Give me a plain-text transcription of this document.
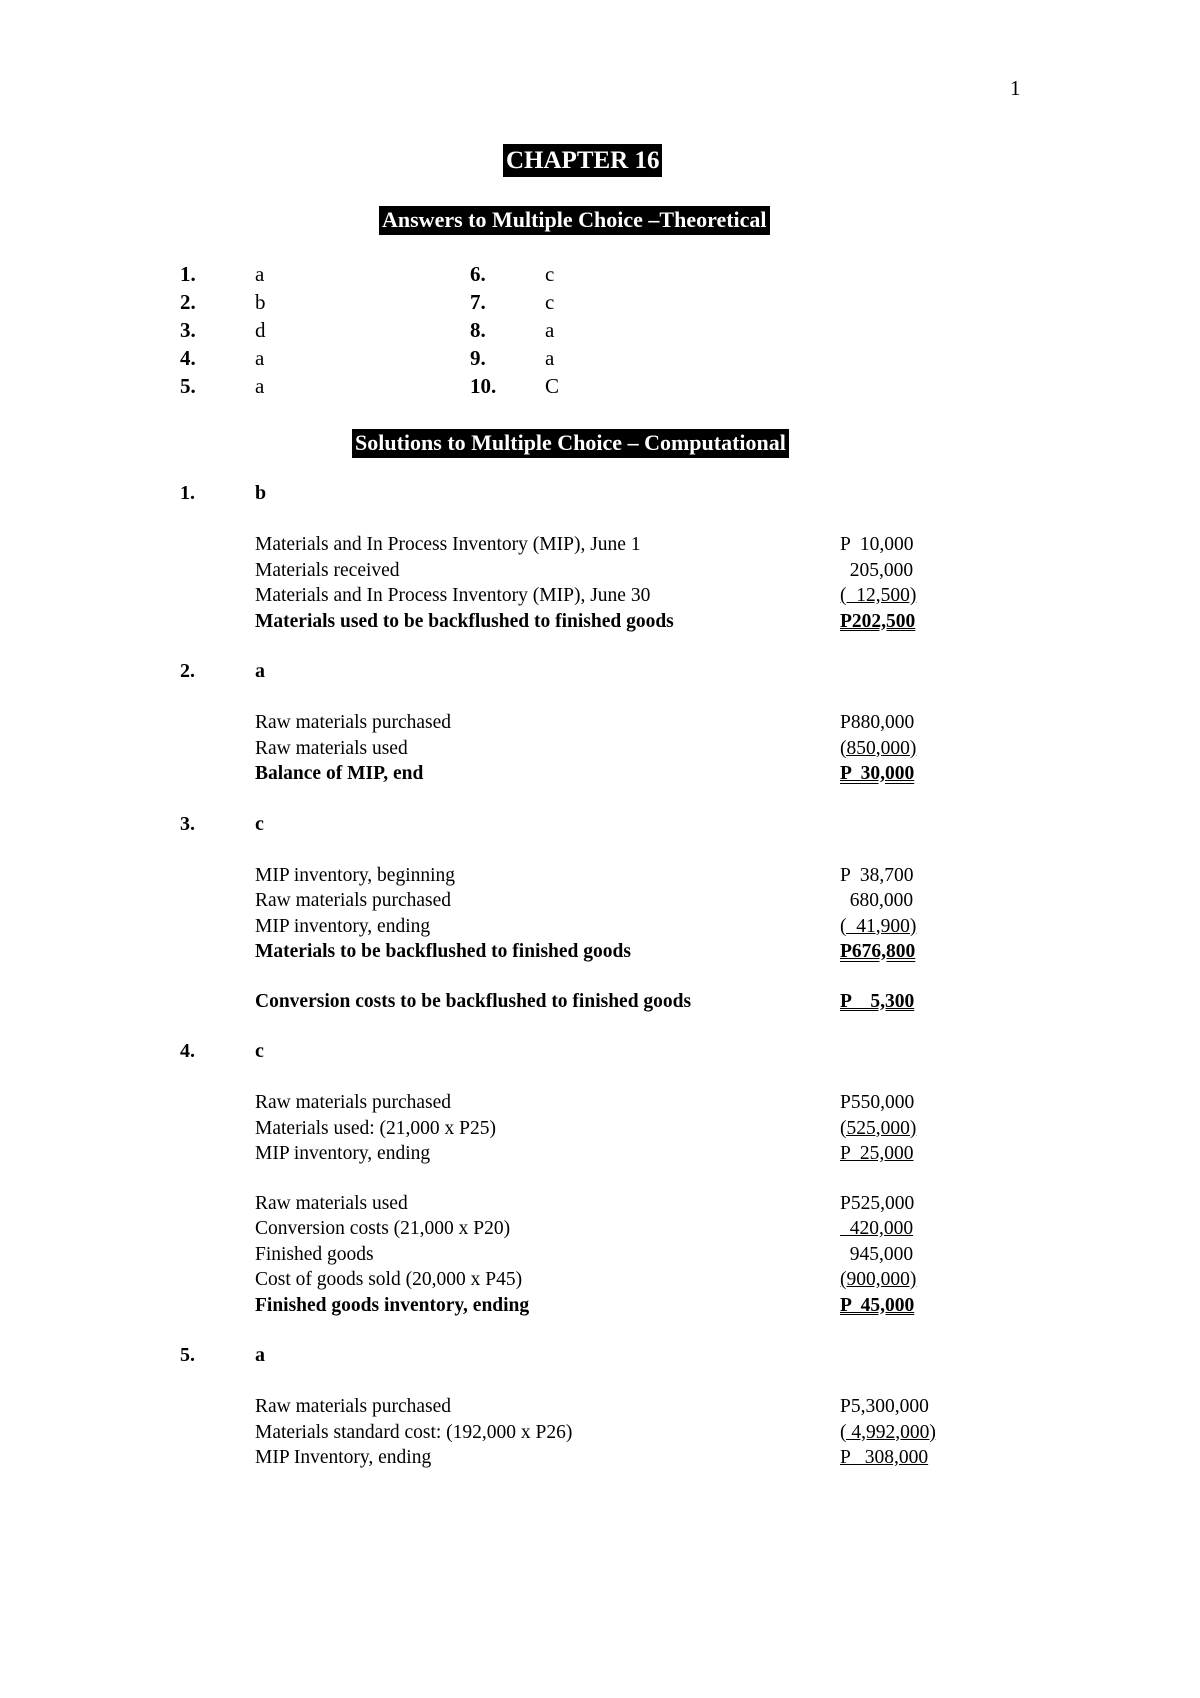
1
CHAPTER 16
Answers to Multiple Choice –Theoretical
1.	a	6.	c
2.	b	7.	c
3.	d	8.	a
4.	a	9.	a
5.	a	10. C
Solutions to Multiple Choice – Computational
1.	b
Materials and In Process Inventory (MIP), June 1	P  10,000
Materials received	205,000
Materials and In Process Inventory (MIP), June 30	(  12,500)
Materials used to be backflushed to finished goods	P202,500
2.	a
Raw materials purchased	P880,000
Raw materials used	(850,000)
Balance of MIP, end	P  30,000
3.	c
MIP inventory, beginning	P  38,700
Raw materials purchased	680,000
MIP inventory, ending	(  41,900)
Materials to be backflushed to finished goods	P676,800
Conversion costs to be backflushed to finished goods	P    5,300
4.	c
Raw materials purchased	P550,000
Materials used: (21,000 x P25)	(525,000)
MIP inventory, ending	P  25,000
Raw materials used	P525,000
Conversion costs (21,000 x P20)	420,000
Finished goods	945,000
Cost of goods sold (20,000 x P45)	(900,000)
Finished goods inventory, ending	P  45,000
5.	a
Raw materials purchased	P5,300,000
Materials standard cost: (192,000 x P26)	( 4,992,000)
MIP Inventory, ending	P   308,000
